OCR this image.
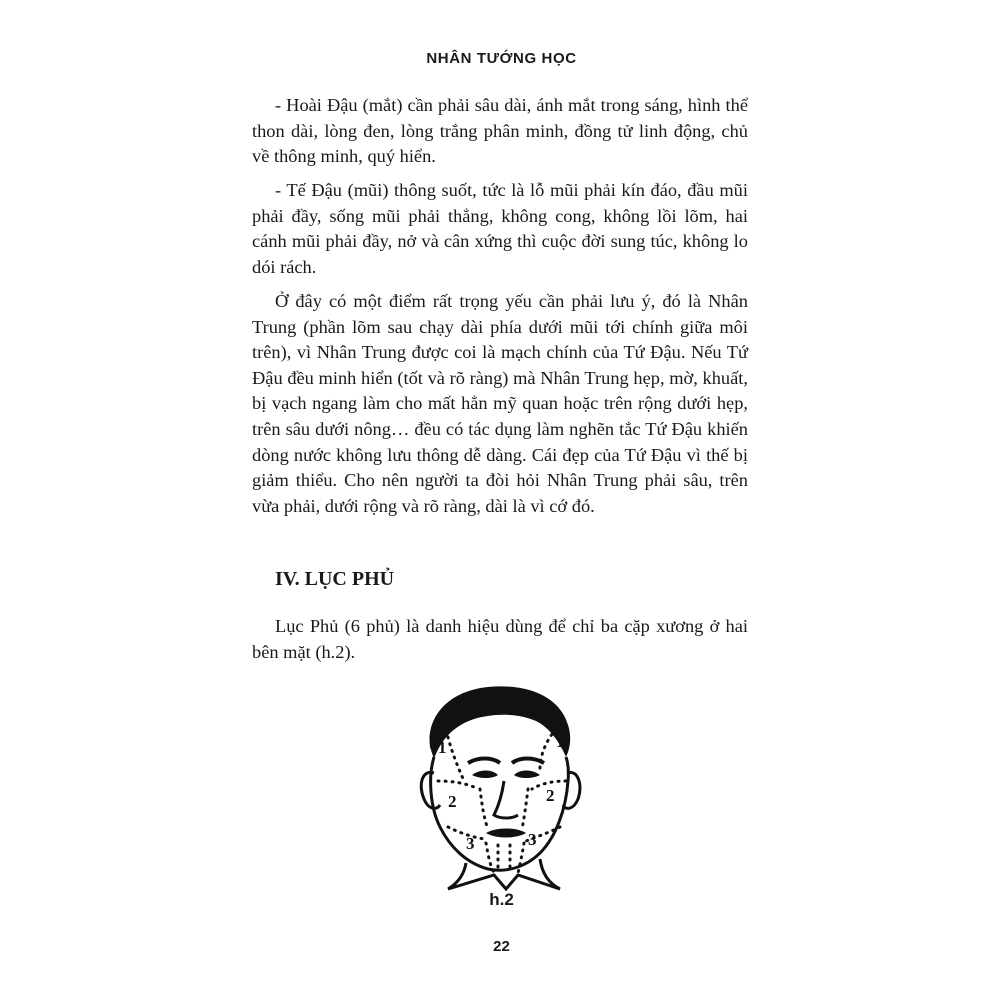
NHÂN TƯỚNG HỌC

- Hoài Đậu (mắt) cần phải sâu dài, ánh mắt trong sáng, hình thể thon dài, lòng đen, lòng trắng phân minh, đồng tử linh động, chủ về thông minh, quý hiển.

- Tế Đậu (mũi) thông suốt, tức là lỗ mũi phải kín đáo, đầu mũi phải đầy, sống mũi phải thẳng, không cong, không lồi lõm, hai cánh mũi phải đầy, nở và cân xứng thì cuộc đời sung túc, không lo dói rách.

Ở đây có một điểm rất trọng yếu cần phải lưu ý, đó là Nhân Trung (phần lõm sau chạy dài phía dưới mũi tới chính giữa môi trên), vì Nhân Trung được coi là mạch chính của Tứ Đậu. Nếu Tứ Đậu đều minh hiển (tốt và rõ ràng) mà Nhân Trung hẹp, mờ, khuất, bị vạch ngang làm cho mất hẳn mỹ quan hoặc trên rộng dưới hẹp, trên sâu dưới nông… đều có tác dụng làm nghẽn tắc Tứ Đậu khiến dòng nước không lưu thông dễ dàng. Cái đẹp của Tứ Đậu vì thế bị giảm thiểu. Cho nên người ta đòi hỏi Nhân Trung phải sâu, trên vừa phải, dưới rộng và rõ ràng, dài là vì cớ đó.

IV. LỤC PHỦ

Lục Phủ (6 phủ) là danh hiệu dùng để chỉ ba cặp xương ở hai bên mặt (h.2).

1	1
2	2
3	3
h.2
22
